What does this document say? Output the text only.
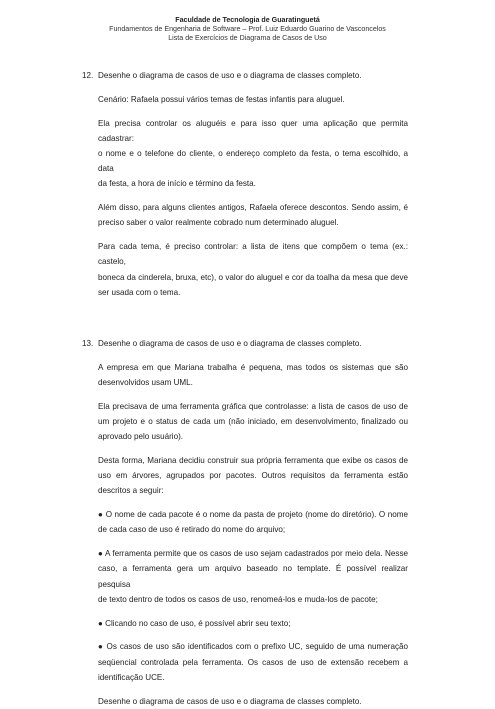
Faculdade de Tecnologia de Guaratinguetá
Fundamentos de Engenharia de Software – Prof. Luiz Eduardo Guarino de Vasconcelos
Lista de Exercícios de Diagrama de Casos de Uso
12. Desenhe o diagrama de casos de uso e o diagrama de classes completo.
Cenário: Rafaela possui vários temas de festas infantis para aluguel.
Ela precisa controlar os aluguéis e para isso quer uma aplicação que permita cadastrar:
o nome e o telefone do cliente, o endereço completo da festa, o tema escolhido, a data
da festa, a hora de início e término da festa.
Além disso, para alguns clientes antigos, Rafaela oferece descontos. Sendo assim, é
preciso saber o valor realmente cobrado num determinado aluguel.
Para cada tema, é preciso controlar: a lista de itens que compõem o tema (ex.: castelo,
boneca da cinderela, bruxa, etc), o valor do aluguel e cor da toalha da mesa que deve
ser usada com o tema.
13. Desenhe o diagrama de casos de uso e o diagrama de classes completo.
A empresa em que Mariana trabalha é pequena, mas todos os sistemas que são
desenvolvidos usam UML.
Ela precisava de uma ferramenta gráfica que controlasse: a lista de casos de uso de
um projeto e o status de cada um (não iniciado, em desenvolvimento, finalizado ou
aprovado pelo usuário).
Desta forma, Mariana decidiu construir sua própria ferramenta que exibe os casos de
uso em árvores, agrupados por pacotes. Outros requisitos da ferramenta estão
descritos a seguir:
● O nome de cada pacote é o nome da pasta de projeto (nome do diretório). O nome
de cada caso de uso é retirado do nome do arquivo;
● A ferramenta permite que os casos de uso sejam cadastrados por meio dela. Nesse
caso, a ferramenta gera um arquivo baseado no template. É possível realizar pesquisa
de texto dentro de todos os casos de uso, renomeá-los e muda-los de pacote;
● Clicando no caso de uso, é possível abrir seu texto;
● Os casos de uso são identificados com o prefixo UC, seguido de uma numeração
seqüencial controlada pela ferramenta. Os casos de uso de extensão recebem a
identificação UCE.
Desenhe o diagrama de casos de uso e o diagrama de classes completo.
